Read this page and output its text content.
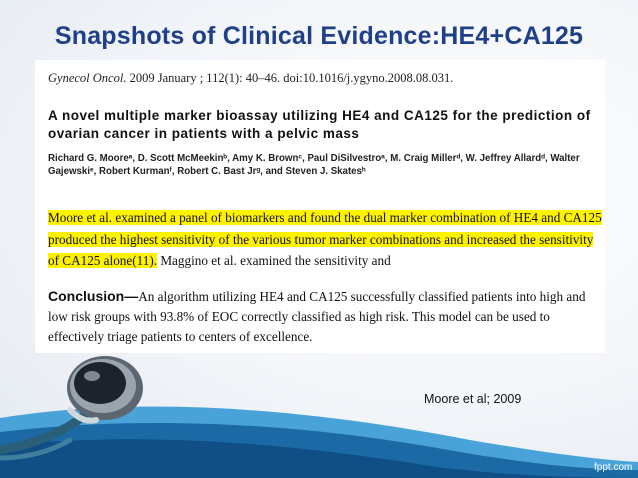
Snapshots of Clinical Evidence:HE4+CA125
Gynecol Oncol. 2009 January ; 112(1): 40–46. doi:10.1016/j.ygyno.2008.08.031.
A novel multiple marker bioassay utilizing HE4 and CA125 for the prediction of ovarian cancer in patients with a pelvic mass
Richard G. Mooreᵃ, D. Scott McMeekinᵇ, Amy K. Brownᶜ, Paul DiSilvestroᵃ, M. Craig Millerᵈ, W. Jeffrey Allardᵈ, Walter Gajewskiᵉ, Robert Kurmanᶠ, Robert C. Bast Jrᵍ, and Steven J. Skatesʰ
Moore et al. examined a panel of biomarkers and found the dual marker combination of HE4 and CA125 produced the highest sensitivity of the various tumor marker combinations and increased the sensitivity of CA125 alone(11). Maggino et al. examined the sensitivity and
Conclusion—An algorithm utilizing HE4 and CA125 successfully classified patients into high and low risk groups with 93.8% of EOC correctly classified as high risk. This model can be used to effectively triage patients to centers of excellence.
Moore et al; 2009
fppt.com
